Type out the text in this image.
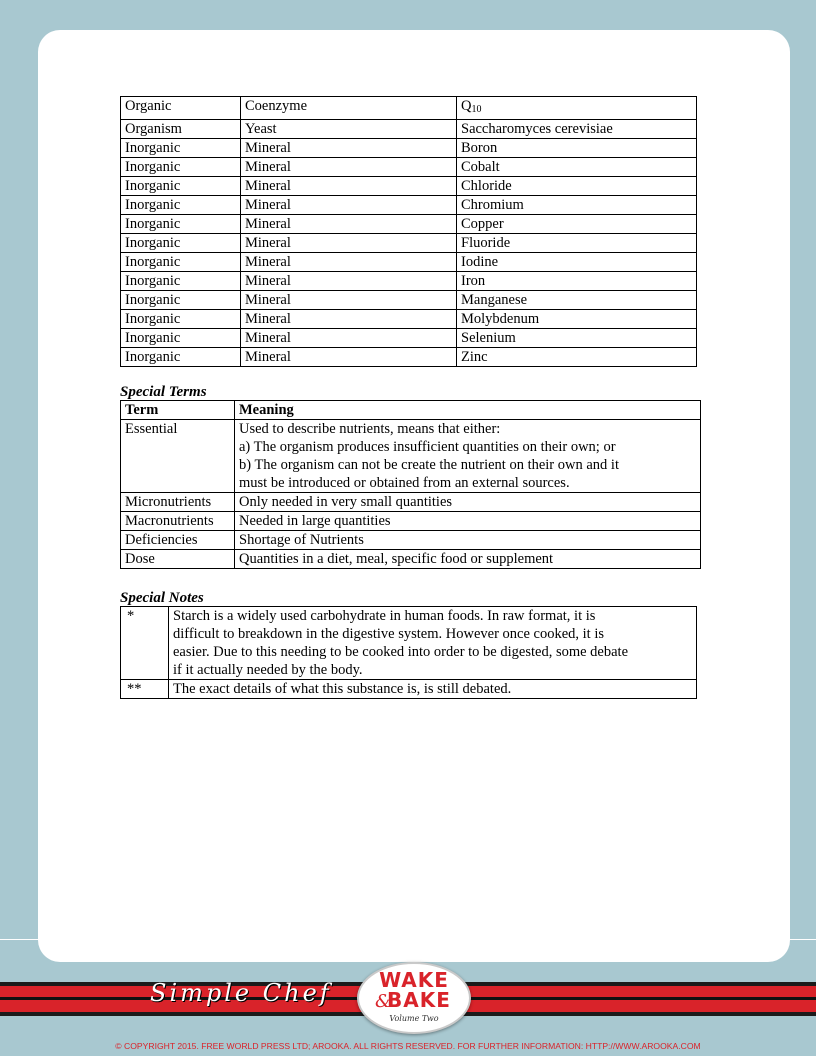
Organic	Coenzyme	$Q_{10}$
Organism	Yeast	Saccharomyces cerevisiae
Inorganic	Mineral	Boron
Inorganic	Mineral	Cobalt
Inorganic	Mineral	Chloride
Inorganic	Mineral	Chromium
Inorganic	Mineral	Copper
Inorganic	Mineral	Fluoride
Inorganic	Mineral	Iodine
Inorganic	Mineral	Iron
Inorganic	Mineral	Manganese
Inorganic	Mineral	Molybdenum
Inorganic	Mineral	Selenium
Inorganic	Mineral	Zinc
Special Terms
Term	Meaning
Essential	Used to describe nutrients, means that either:
a) The organism produces insufficient quantities on their own; or
b) The organism can not be create the nutrient on their own and it
must be introduced or obtained from an external sources.

Micronutrients	Only needed in very small quantities

Macronutrients	Needed in large quantities

Deficiencies	Shortage of Nutrients

Dose	Quantities in a diet, meal, specific food or supplement
Special Notes
*	Starch is a widely used carbohydrate in human foods. In raw format, it is
difficult to breakdown in the digestive system. However once cooked, it is
easier. Due to this needing to be cooked into order to be digested, some debate
if it actually needed by the body.

**	The exact details of what this substance is, is still debated.
Simple Chef	WAKE
&
BAKE
Volume Two
© COPYRIGHT 2015. FREE WORLD PRESS LTD; AROOKA. ALL RIGHTS RESERVED. FOR FURTHER INFORMATION: HTTP://WWW.AROOKA.COM
